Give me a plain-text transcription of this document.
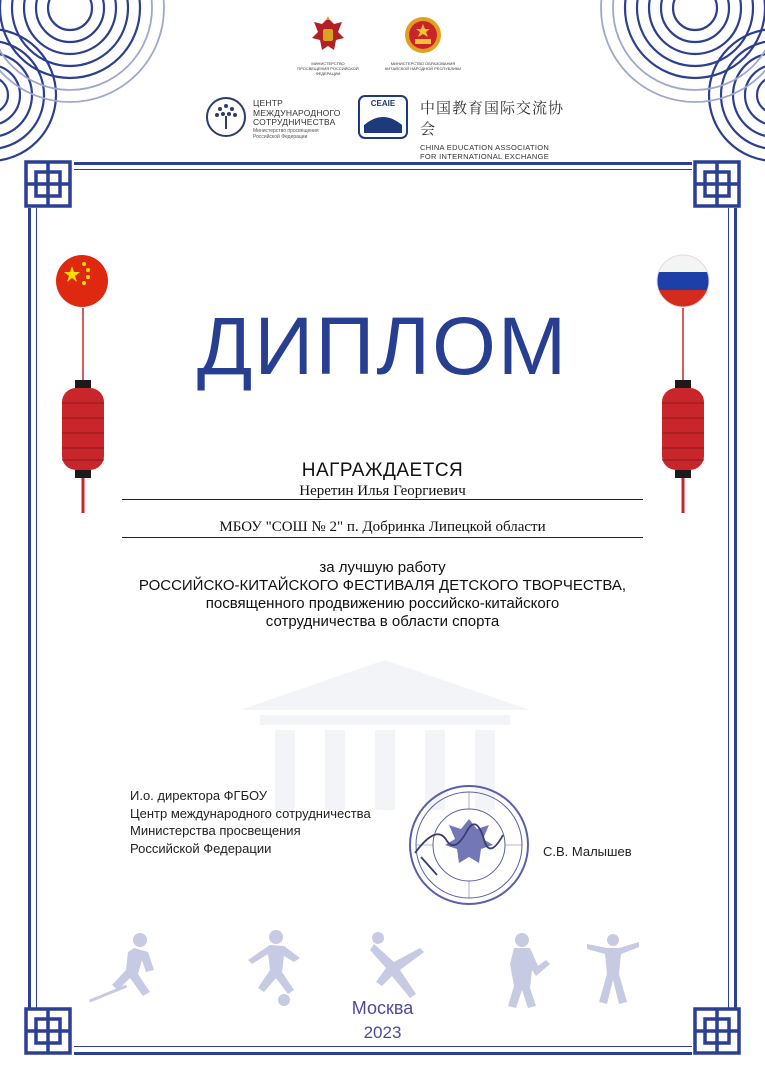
МИНИСТЕРСТВО ПРОСВЕЩЕНИЯ РОССИЙСКОЙ ФЕДЕРАЦИИ
МИНИСТЕРСТВО ОБРАЗОВАНИЯ КИТАЙСКОЙ НАРОДНОЙ РЕСПУБЛИКИ
ЦЕНТР МЕЖДУНАРОДНОГО СОТРУДНИЧЕСТВА
Министерство просвещения
Российской Федерации
CEAIE	中国教育国际交流协会
CHINA EDUCATION ASSOCIATION
FOR INTERNATIONAL EXCHANGE
ДИПЛОМ
НАГРАЖДАЕТСЯ
Неретин Илья Георгиевич
МБОУ "СОШ № 2" п. Добринка Липецкой области
за лучшую работу
РОССИЙСКО-КИТАЙСКОГО ФЕСТИВАЛЯ ДЕТСКОГО ТВОРЧЕСТВА,
посвященного продвижению российско-китайского
сотрудничества в области спорта
И.о. директора ФГБОУ
Центр международного сотрудничества
Министерства просвещения
Российской Федерации	С.В. Малышев
Москва
2023
